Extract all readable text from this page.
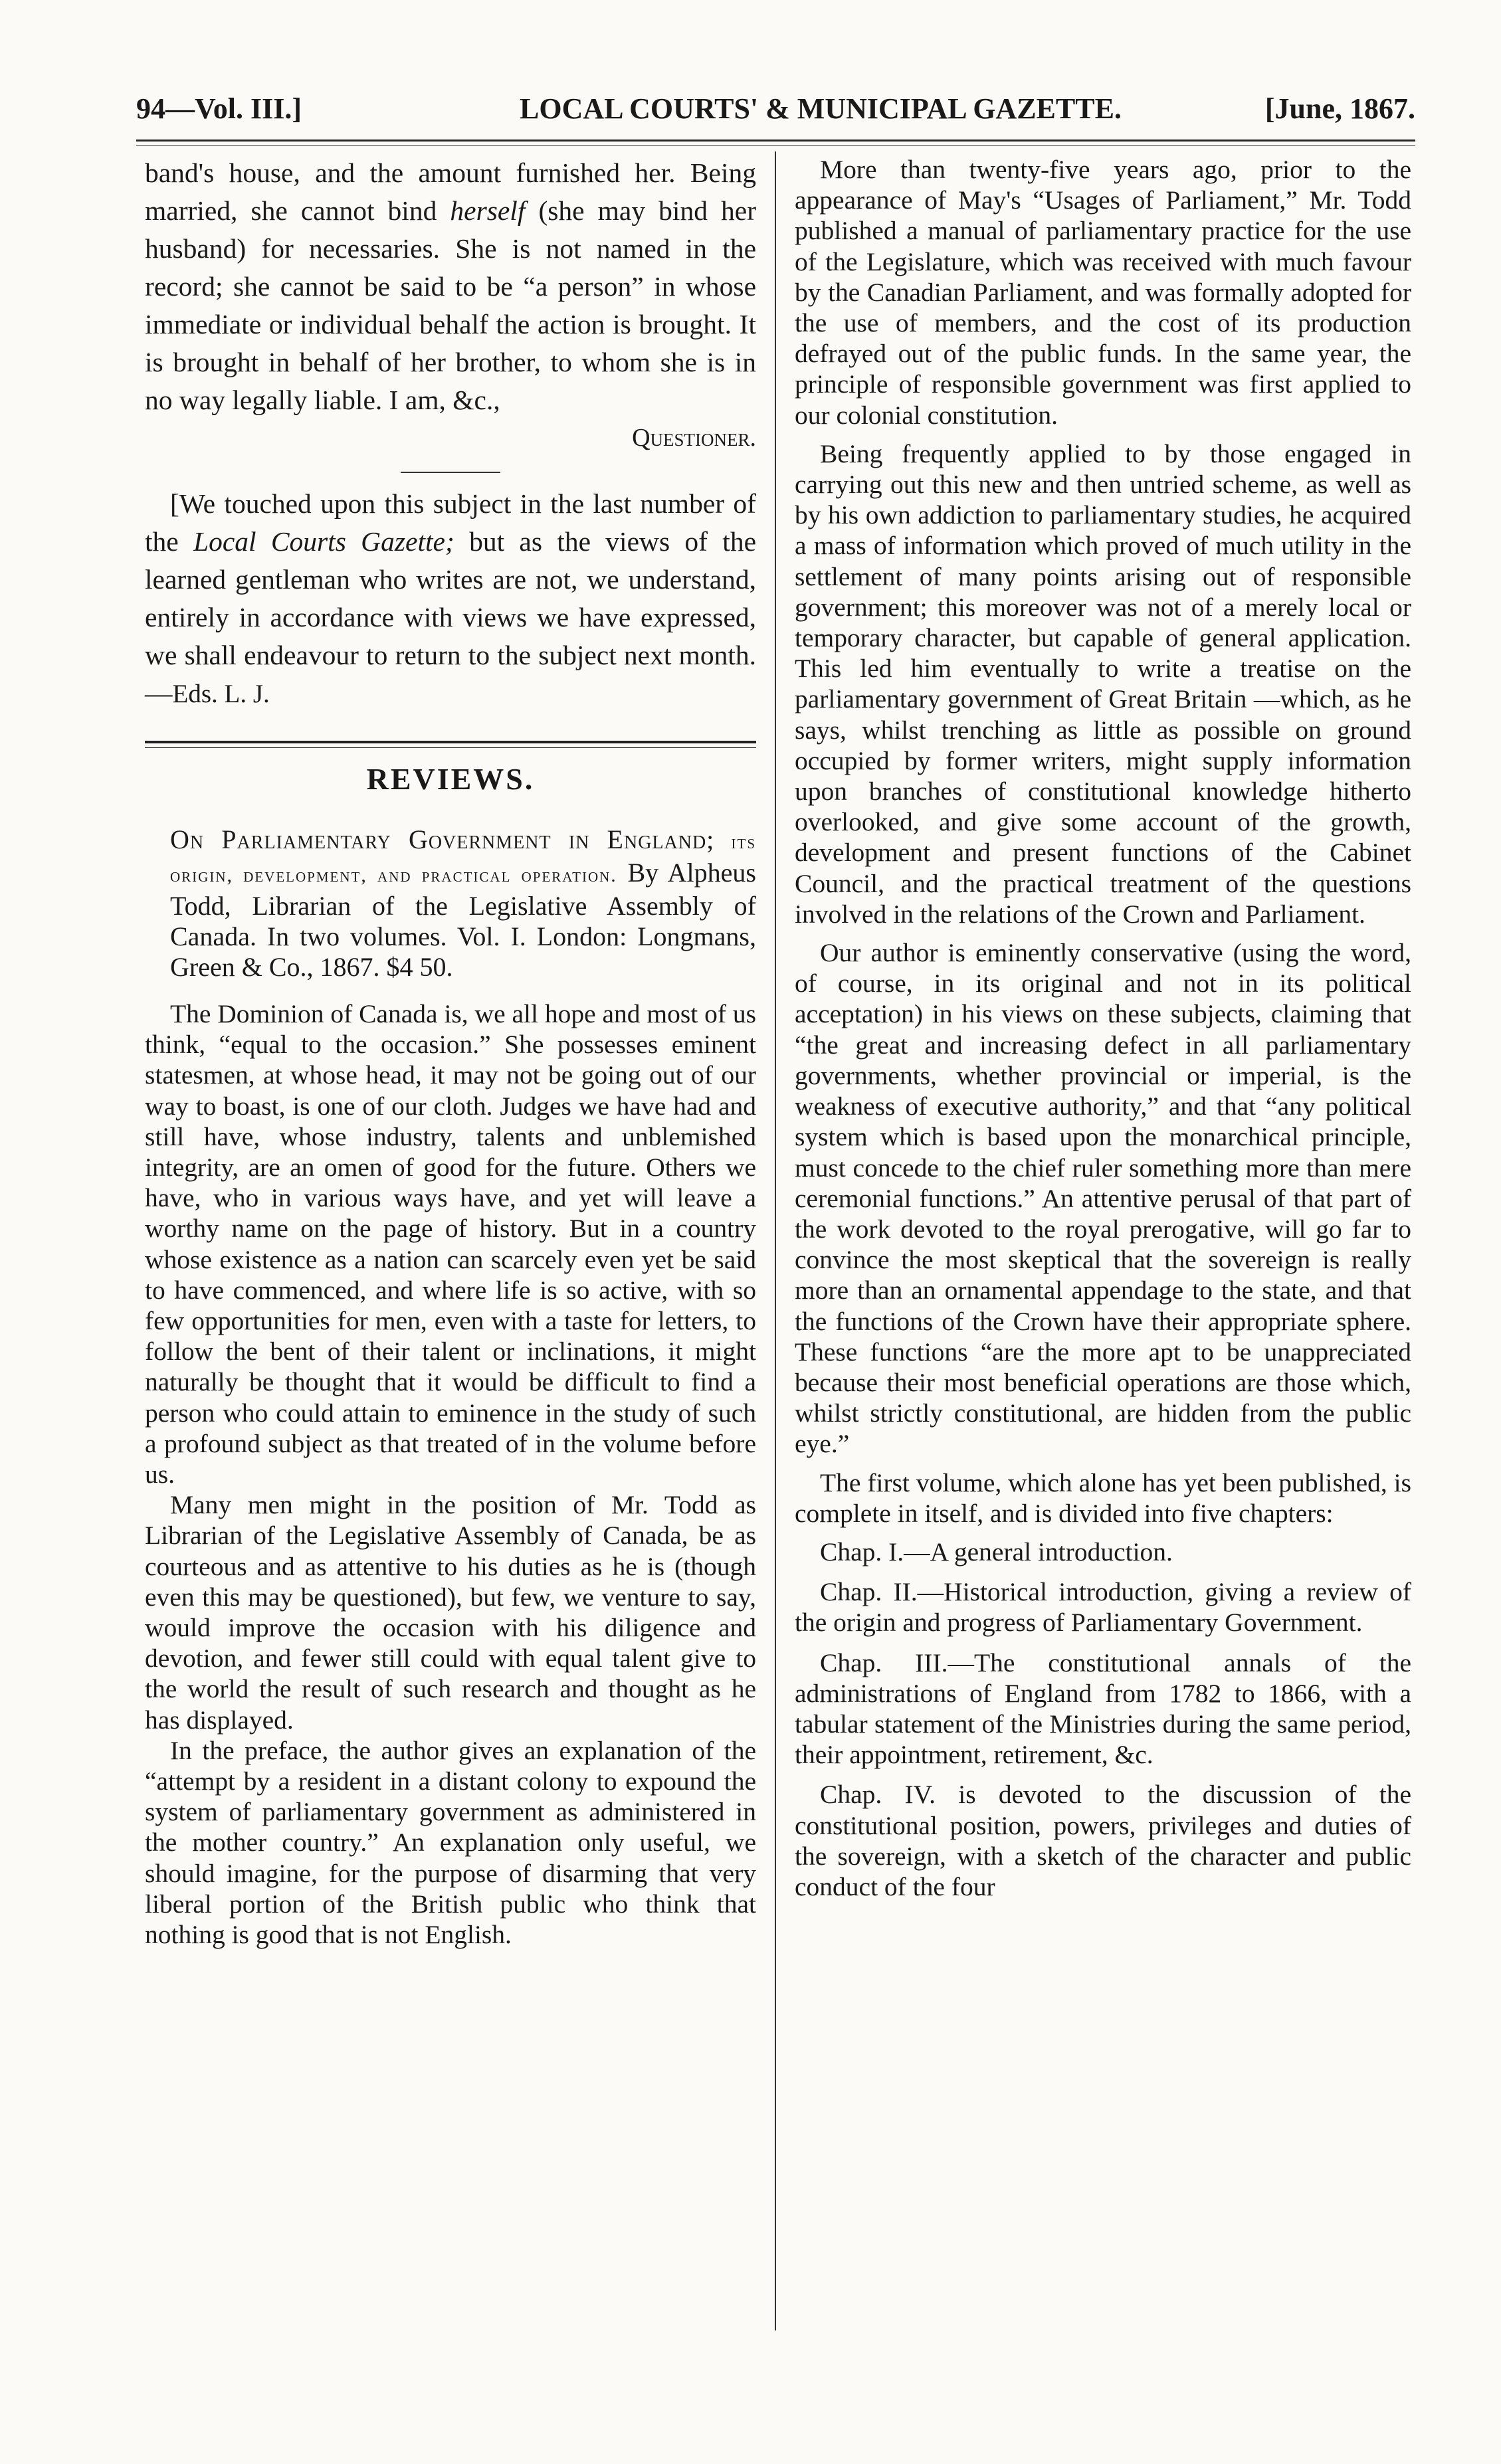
94—Vol. III.]	LOCAL COURTS' & MUNICIPAL GAZETTE.	[June, 1867.

band's house, and the amount furnished her. Being married, she cannot bind herself (she may bind her husband) for necessaries. She is not named in the record; she cannot be said to be “a person” in whose immediate or individual behalf the action is brought. It is brought in behalf of her brother, to whom she is in no way legally liable. I am, &c.,

Questioner.

[We touched upon this subject in the last number of the Local Courts Gazette; but as the views of the learned gentleman who writes are not, we understand, entirely in accordance with views we have expressed, we shall endeavour to return to the subject next month.—Eds. L. J.

REVIEWS.

On Parliamentary Government in England; its origin, development, and practical operation. By Alpheus Todd, Librarian of the Legislative Assembly of Canada. In two volumes. Vol. I. London: Longmans, Green & Co., 1867. $4 50.

The Dominion of Canada is, we all hope and most of us think, “equal to the occasion.” She possesses eminent statesmen, at whose head, it may not be going out of our way to boast, is one of our cloth. Judges we have had and still have, whose industry, talents and unblemished integrity, are an omen of good for the future. Others we have, who in various ways have, and yet will leave a worthy name on the page of history. But in a country whose existence as a nation can scarcely even yet be said to have commenced, and where life is so active, with so few opportunities for men, even with a taste for letters, to follow the bent of their talent or inclinations, it might naturally be thought that it would be difficult to find a person who could attain to eminence in the study of such a profound subject as that treated of in the volume before us.

Many men might in the position of Mr. Todd as Librarian of the Legislative Assembly of Canada, be as courteous and as attentive to his duties as he is (though even this may be questioned), but few, we venture to say, would improve the occasion with his diligence and devotion, and fewer still could with equal talent give to the world the result of such research and thought as he has displayed.

In the preface, the author gives an explanation of the “attempt by a resident in a distant colony to expound the system of parliamentary government as administered in the mother country.” An explanation only useful, we should imagine, for the purpose of disarming that very liberal portion of the British public who think that nothing is good that is not English.

More than twenty-five years ago, prior to the appearance of May's “Usages of Parliament,” Mr. Todd published a manual of parliamentary practice for the use of the Legislature, which was received with much favour by the Canadian Parliament, and was formally adopted for the use of members, and the cost of its production defrayed out of the public funds. In the same year, the principle of responsible government was first applied to our colonial constitution.

Being frequently applied to by those engaged in carrying out this new and then untried scheme, as well as by his own addiction to parliamentary studies, he acquired a mass of information which proved of much utility in the settlement of many points arising out of responsible government; this moreover was not of a merely local or temporary character, but capable of general application. This led him eventually to write a treatise on the parliamentary government of Great Britain —which, as he says, whilst trenching as little as possible on ground occupied by former writers, might supply information upon branches of constitutional knowledge hitherto overlooked, and give some account of the growth, development and present functions of the Cabinet Council, and the practical treatment of the questions involved in the relations of the Crown and Parliament.

Our author is eminently conservative (using the word, of course, in its original and not in its political acceptation) in his views on these subjects, claiming that “the great and increasing defect in all parliamentary governments, whether provincial or imperial, is the weakness of executive authority,” and that “any political system which is based upon the monarchical principle, must concede to the chief ruler something more than mere ceremonial functions.” An attentive perusal of that part of the work devoted to the royal prerogative, will go far to convince the most skeptical that the sovereign is really more than an ornamental appendage to the state, and that the functions of the Crown have their appropriate sphere. These functions “are the more apt to be unappreciated because their most beneficial operations are those which, whilst strictly constitutional, are hidden from the public eye.”

The first volume, which alone has yet been published, is complete in itself, and is divided into five chapters:

Chap. I.—A general introduction.

Chap. II.—Historical introduction, giving a review of the origin and progress of Parliamentary Government.

Chap. III.—The constitutional annals of the administrations of England from 1782 to 1866, with a tabular statement of the Ministries during the same period, their appointment, retirement, &c.

Chap. IV. is devoted to the discussion of the constitutional position, powers, privileges and duties of the sovereign, with a sketch of the character and public conduct of the four
